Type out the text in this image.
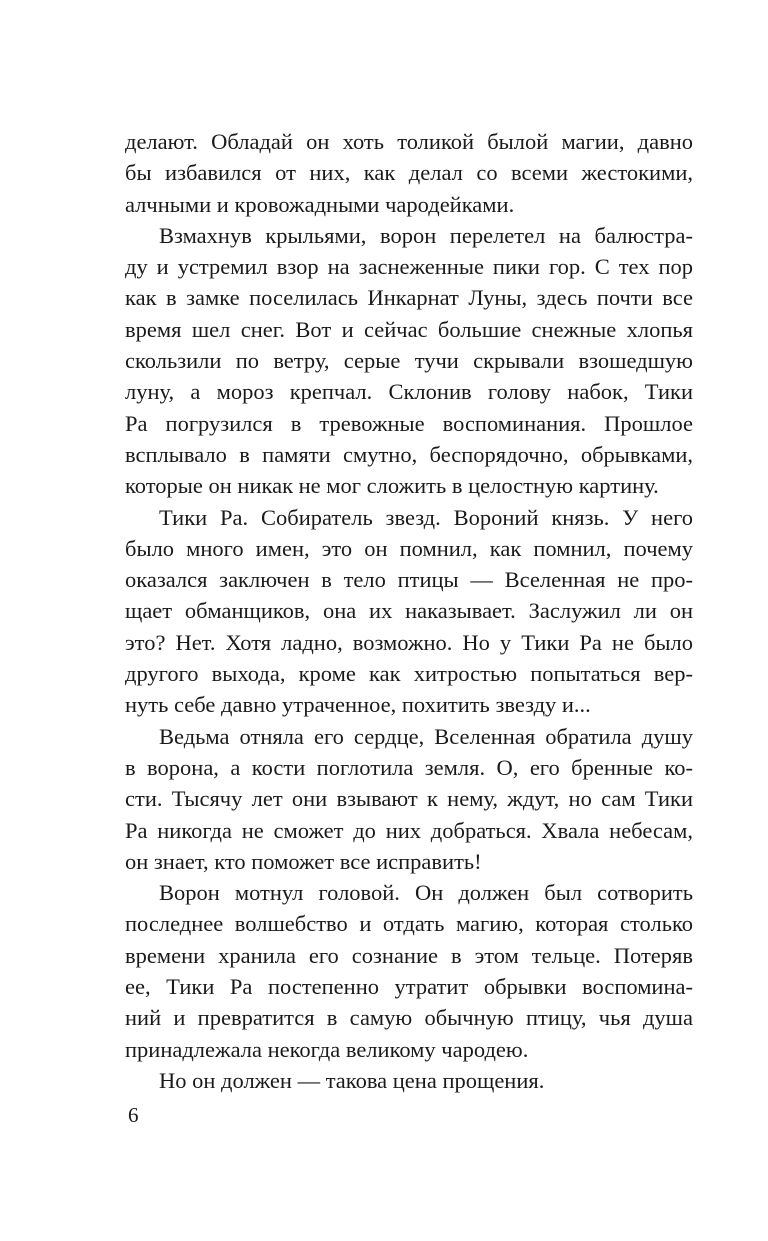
делают. Обладай он хоть толикой былой магии, давно
бы избавился от них, как делал со всеми жестокими,
алчными и кровожадными чародейками.
Взмахнув крыльями, ворон перелетел на балюстра-
ду и устремил взор на заснеженные пики гор. С тех пор
как в замке поселилась Инкарнат Луны, здесь почти все
время шел снег. Вот и сейчас большие снежные хлопья
скользили по ветру, серые тучи скрывали взошедшую
луну, а мороз крепчал. Склонив голову набок, Тики
Ра погрузился в тревожные воспоминания. Прошлое
всплывало в памяти смутно, беспорядочно, обрывками,
которые он никак не мог сложить в целостную картину.
Тики Ра. Собиратель звезд. Вороний князь. У него
было много имен, это он помнил, как помнил, почему
оказался заключен в тело птицы — Вселенная не про-
щает обманщиков, она их наказывает. Заслужил ли он
это? Нет. Хотя ладно, возможно. Но у Тики Ра не было
другого выхода, кроме как хитростью попытаться вер-
нуть себе давно утраченное, похитить звезду и...
Ведьма отняла его сердце, Вселенная обратила душу
в ворона, а кости поглотила земля. О, его бренные ко-
сти. Тысячу лет они взывают к нему, ждут, но сам Тики
Ра никогда не сможет до них добраться. Хвала небесам,
он знает, кто поможет все исправить!
Ворон мотнул головой. Он должен был сотворить
последнее волшебство и отдать магию, которая столько
времени хранила его сознание в этом тельце. Потеряв
ее, Тики Ра постепенно утратит обрывки воспомина-
ний и превратится в самую обычную птицу, чья душа
принадлежала некогда великому чародею.
Но он должен — такова цена прощения.
6
